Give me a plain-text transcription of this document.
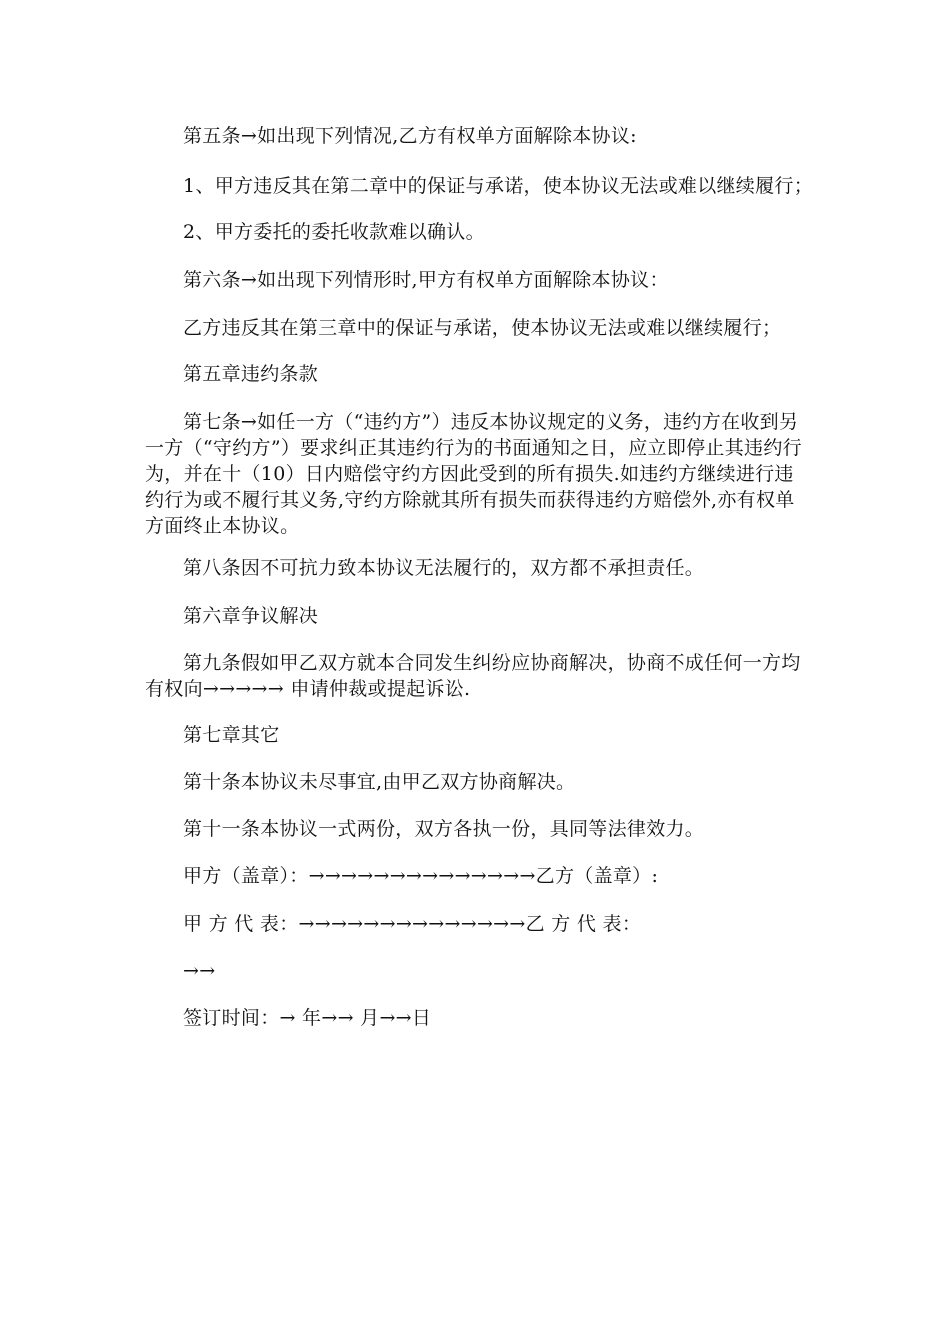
第五条→如出现下列情况,乙方有权单方面解除本协议:
1、甲方违反其在第二章中的保证与承诺，使本协议无法或难以继续履行；
2、甲方委托的委托收款难以确认。
第六条→如出现下列情形时,甲方有权单方面解除本协议：
乙方违反其在第三章中的保证与承诺，使本协议无法或难以继续履行；
第五章违约条款
第七条→如任一方（“违约方”）违反本协议规定的义务，违约方在收到另一方（“守约方”）要求纠正其违约行为的书面通知之日，应立即停止其违约行为，并在十（10）日内赔偿守约方因此受到的所有损失.如违约方继续进行违约行为或不履行其义务,守约方除就其所有损失而获得违约方赔偿外,亦有权单方面终止本协议。
第八条因不可抗力致本协议无法履行的，双方都不承担责任。
第六章争议解决
第九条假如甲乙双方就本合同发生纠纷应协商解决，协商不成任何一方均有权向→→→→→ 申请仲裁或提起诉讼.
第七章其它
第十条本协议未尽事宜,由甲乙双方协商解决。
第十一条本协议一式两份，双方各执一份，具同等法律效力。
甲方（盖章）：→→→→→→→→→→→→→→乙方（盖章）:
甲 方 代 表：→→→→→→→→→→→→→→乙 方 代 表：
→→
签订时间：→ 年→→ 月→→日
